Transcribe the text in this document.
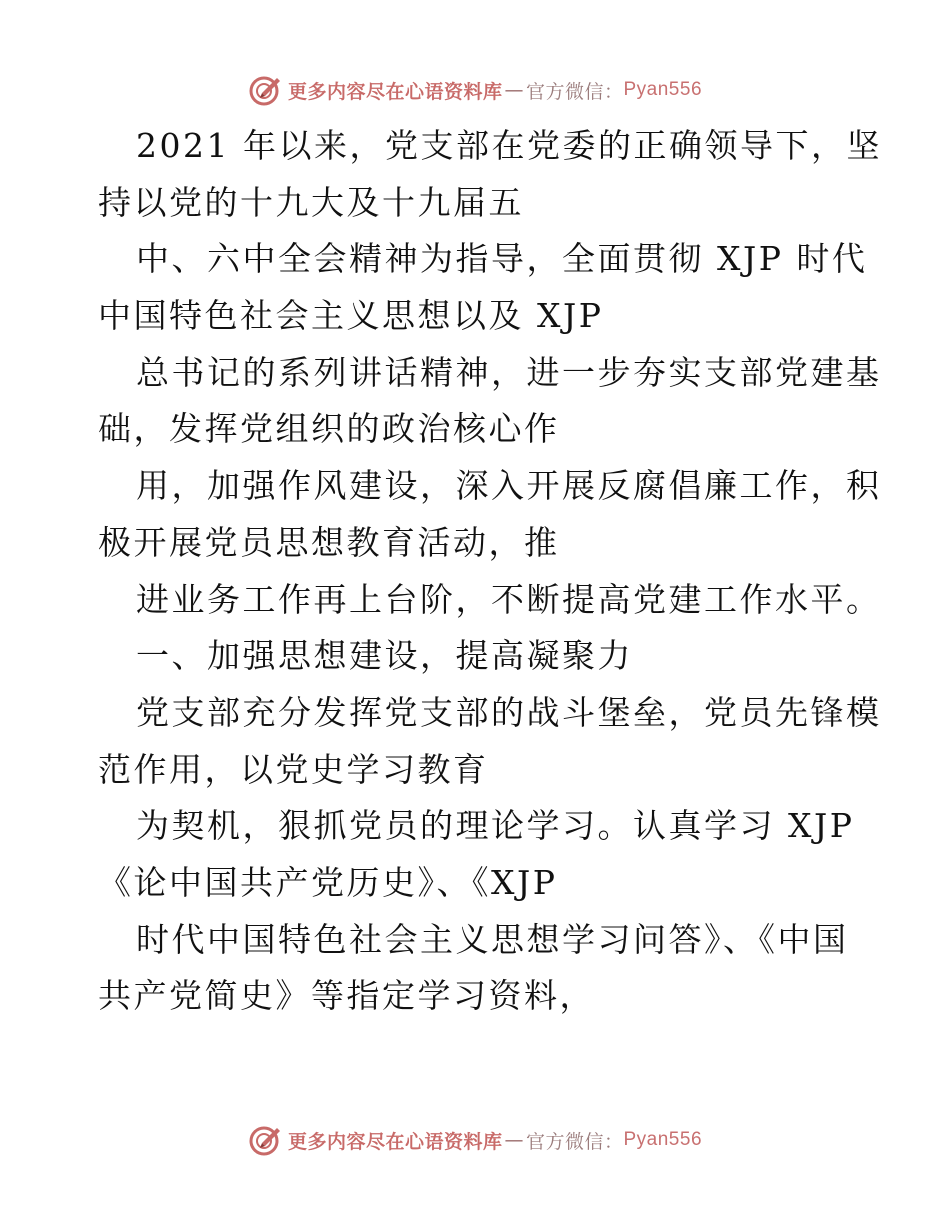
更多内容尽在心语资料库 — 官方微信： Pyan556
2021 年以来，党支部在党委的正确领导下，坚
持以党的十九大及十九届五
中、六中全会精神为指导，全面贯彻 XJP 时代
中国特色社会主义思想以及 XJP
总书记的系列讲话精神，进一步夯实支部党建基
础，发挥党组织的政治核心作
用，加强作风建设，深入开展反腐倡廉工作，积
极开展党员思想教育活动，推
进业务工作再上台阶，不断提高党建工作水平。
一、加强思想建设，提高凝聚力
党支部充分发挥党支部的战斗堡垒，党员先锋模
范作用，以党史学习教育
为契机，狠抓党员的理论学习。认真学习 XJP
《论中国共产党历史》、《XJP
时代中国特色社会主义思想学习问答》、《中国
共产党简史》等指定学习资料，
更多内容尽在心语资料库 — 官方微信： Pyan556
